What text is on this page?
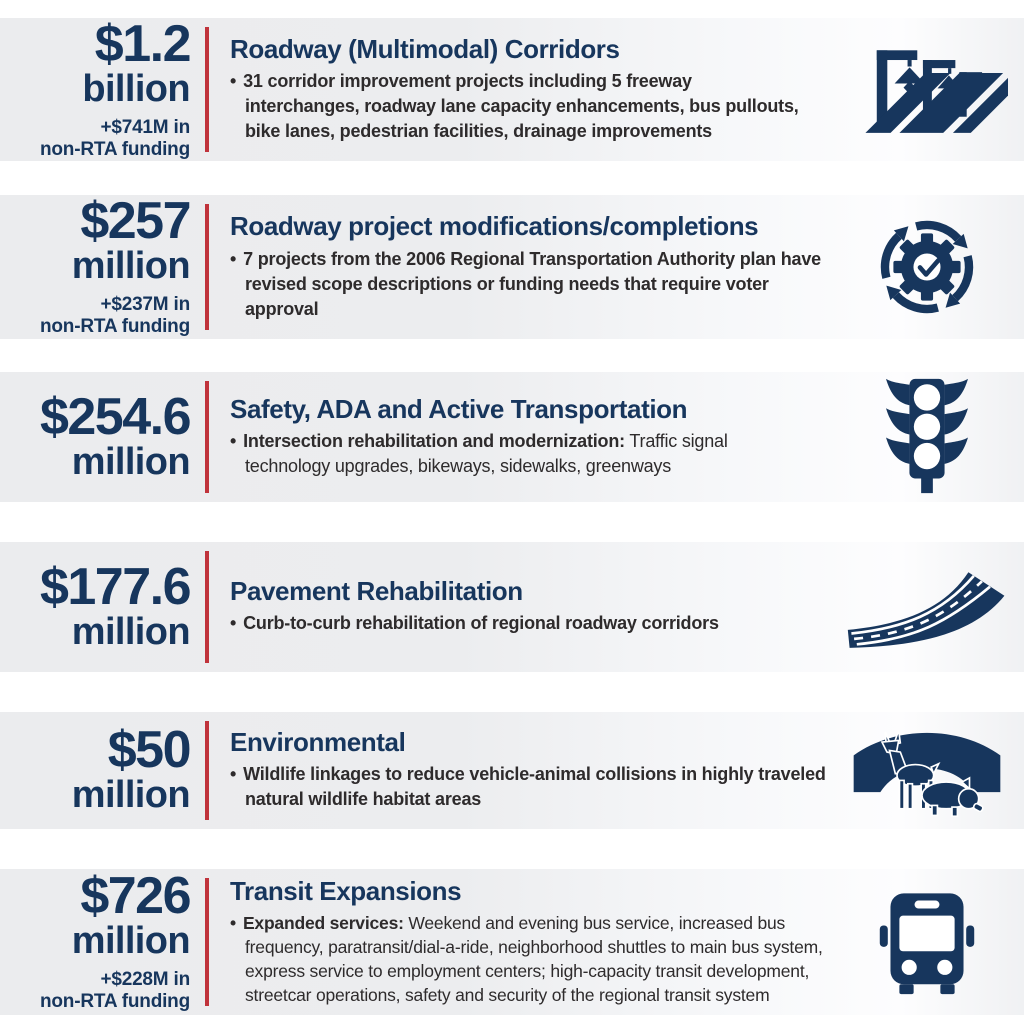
$1.2
billion
+$741M in
non-RTA funding
Roadway (Multimodal) Corridors

• 31 corridor improvement projects including 5 freeway interchanges, roadway lane capacity enhancements, bus pullouts, bike lanes, pedestrian facilities, drainage improvements

$257
million
+$237M in
non-RTA funding
Roadway project modifications/completions

• 7 projects from the 2006 Regional Transportation Authority plan have revised scope descriptions or funding needs that require voter approval

$254.6
million
Safety, ADA and Active Transportation

• Intersection rehabilitation and modernization: Traffic signal technology upgrades, bikeways, sidewalks, greenways

$177.6
million
Pavement Rehabilitation

• Curb-to-curb rehabilitation of regional roadway corridors

$50
million
Environmental

• Wildlife linkages to reduce vehicle-animal collisions in highly traveled natural wildlife habitat areas

$726
million
+$228M in
non-RTA funding
Transit Expansions

• Expanded services: Weekend and evening bus service, increased bus frequency, paratransit/dial-a-ride, neighborhood shuttles to main bus system, express service to employment centers; high-capacity transit development, streetcar operations, safety and security of the regional transit system
